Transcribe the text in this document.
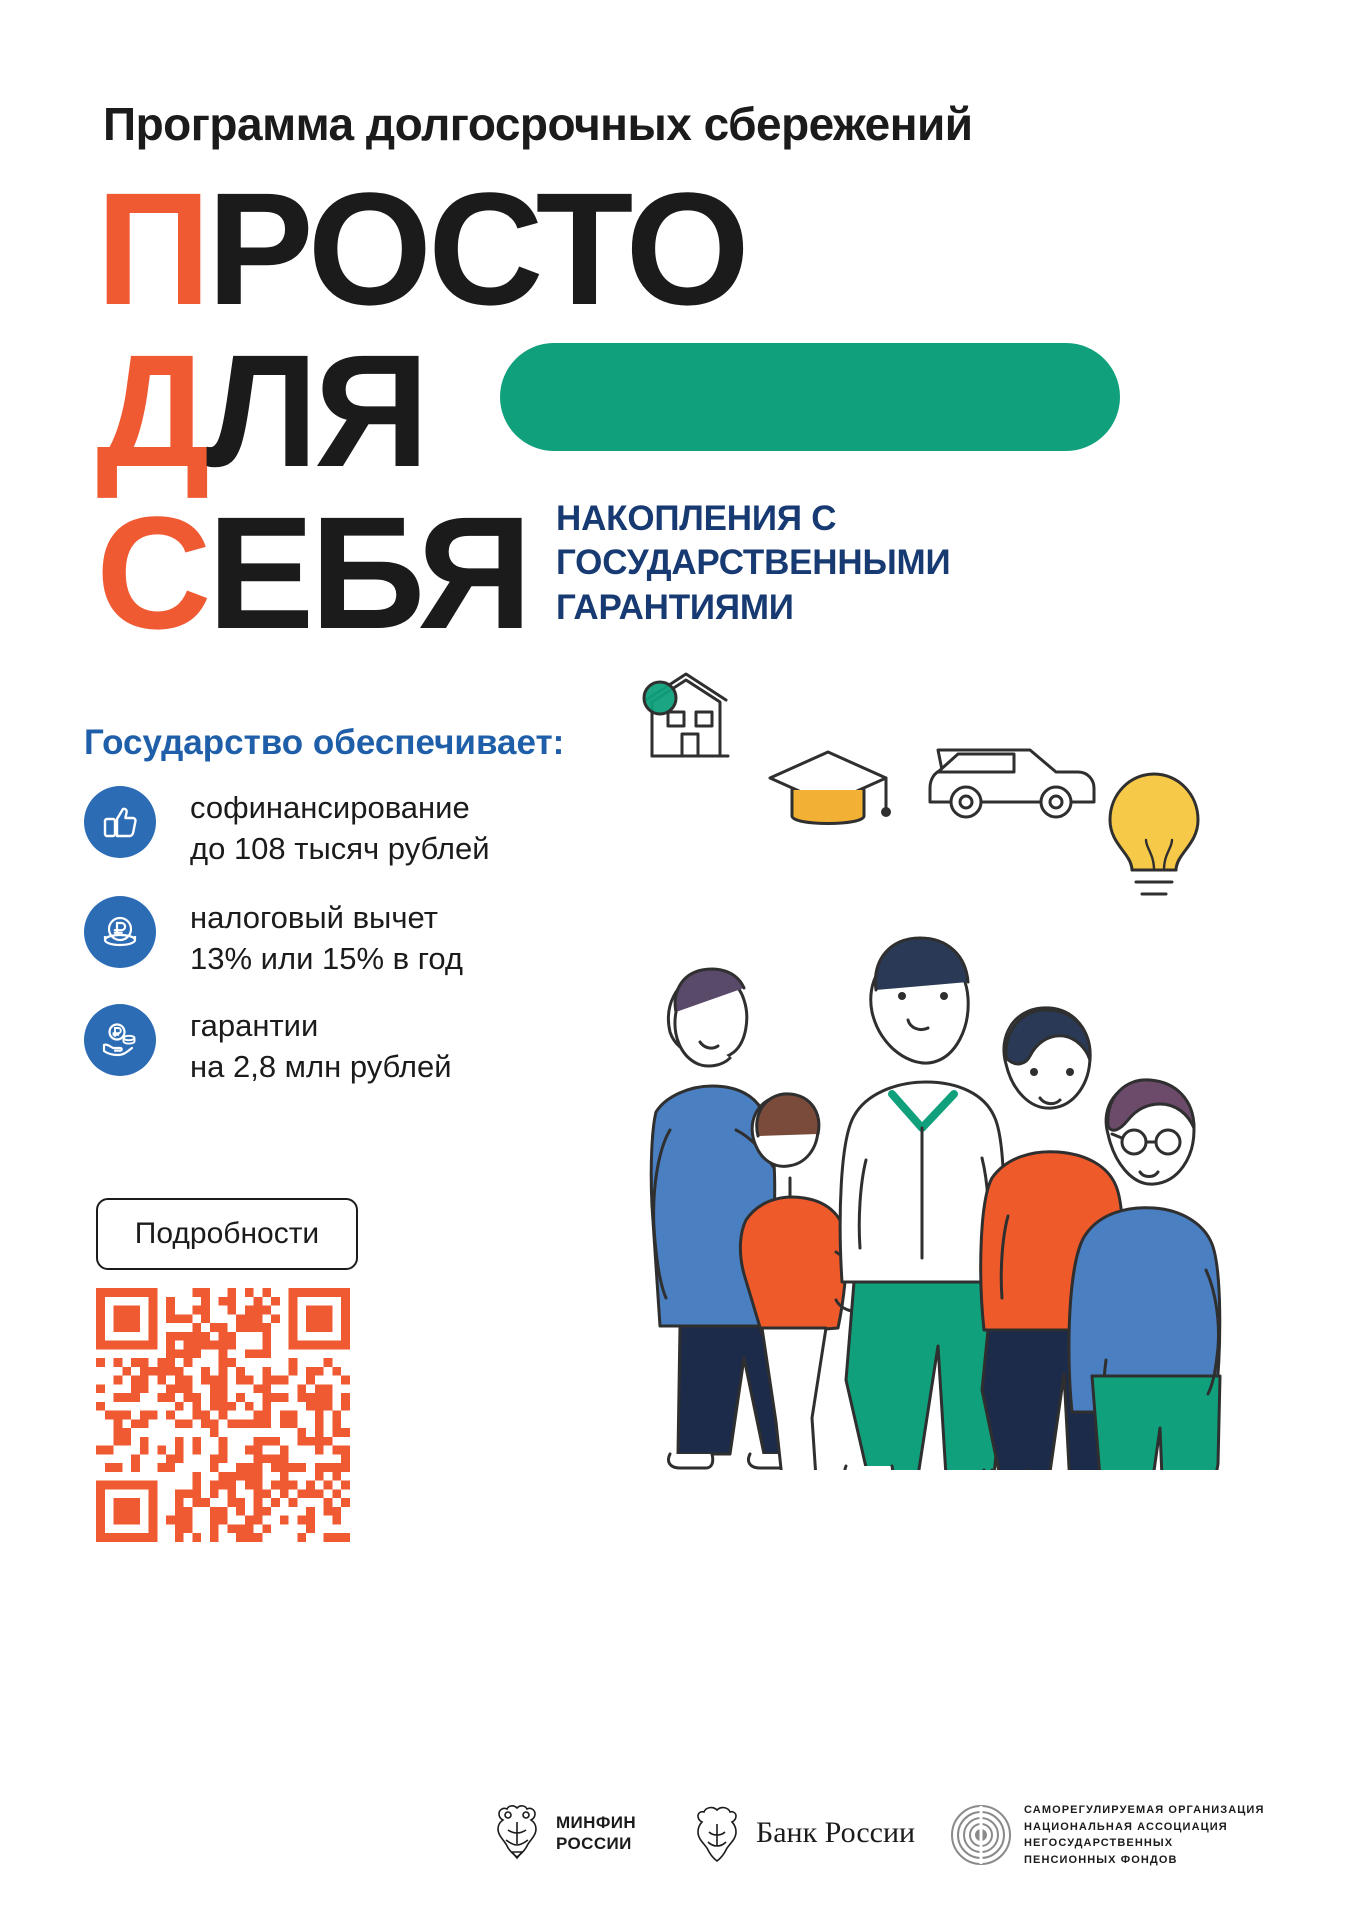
Программа долгосрочных сбережений
ПРОСТО
ДЛЯ
СЕБЯ НАКОПЛЕНИЯ С ГОСУДАРСТВЕННЫМИ ГАРАНТИЯМИ
Государство обеспечивает:
софинансирование
до 108 тысяч рублей
налоговый вычет
13% или 15% в год
гарантии
на 2,8 млн рублей
Подробности
МИНФИН
РОССИИ	Банк России
САМОРЕГУЛИРУЕМАЯ ОРГАНИЗАЦИЯ
НАЦИОНАЛЬНАЯ АССОЦИАЦИЯ
НЕГОСУДАРСТВЕННЫХ
ПЕНСИОННЫХ ФОНДОВ
